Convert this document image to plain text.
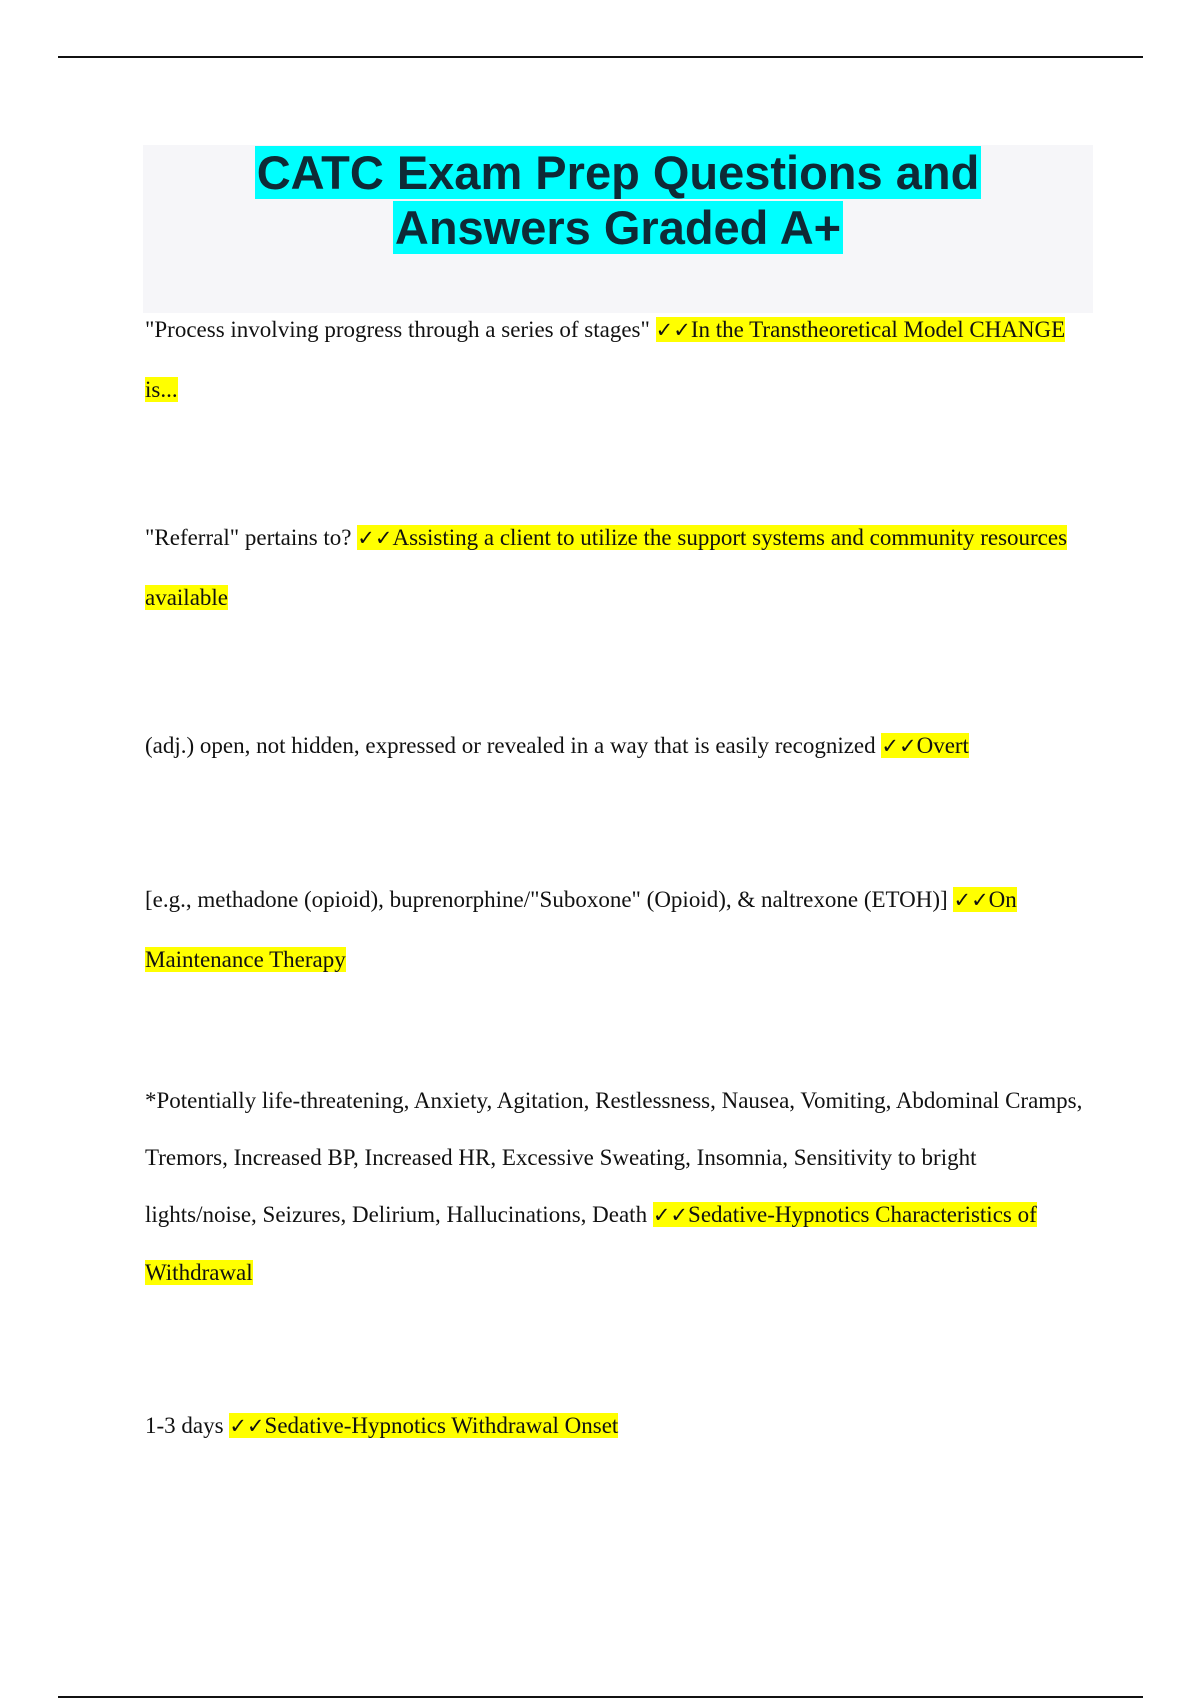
CATC Exam Prep Questions and
Answers Graded A+

"Process involving progress through a series of stages" ✓✓In the Transtheoretical Model CHANGE is...

"Referral" pertains to? ✓✓Assisting a client to utilize the support systems and community resources available

(adj.) open, not hidden, expressed or revealed in a way that is easily recognized ✓✓Overt

[e.g., methadone (opioid), buprenorphine/"Suboxone" (Opioid), & naltrexone (ETOH)] ✓✓On Maintenance Therapy

*Potentially life-threatening, Anxiety, Agitation, Restlessness, Nausea, Vomiting, Abdominal Cramps, Tremors, Increased BP, Increased HR, Excessive Sweating, Insomnia, Sensitivity to bright lights/noise, Seizures, Delirium, Hallucinations, Death ✓✓Sedative-Hypnotics Characteristics of Withdrawal

1-3 days ✓✓Sedative-Hypnotics Withdrawal Onset
